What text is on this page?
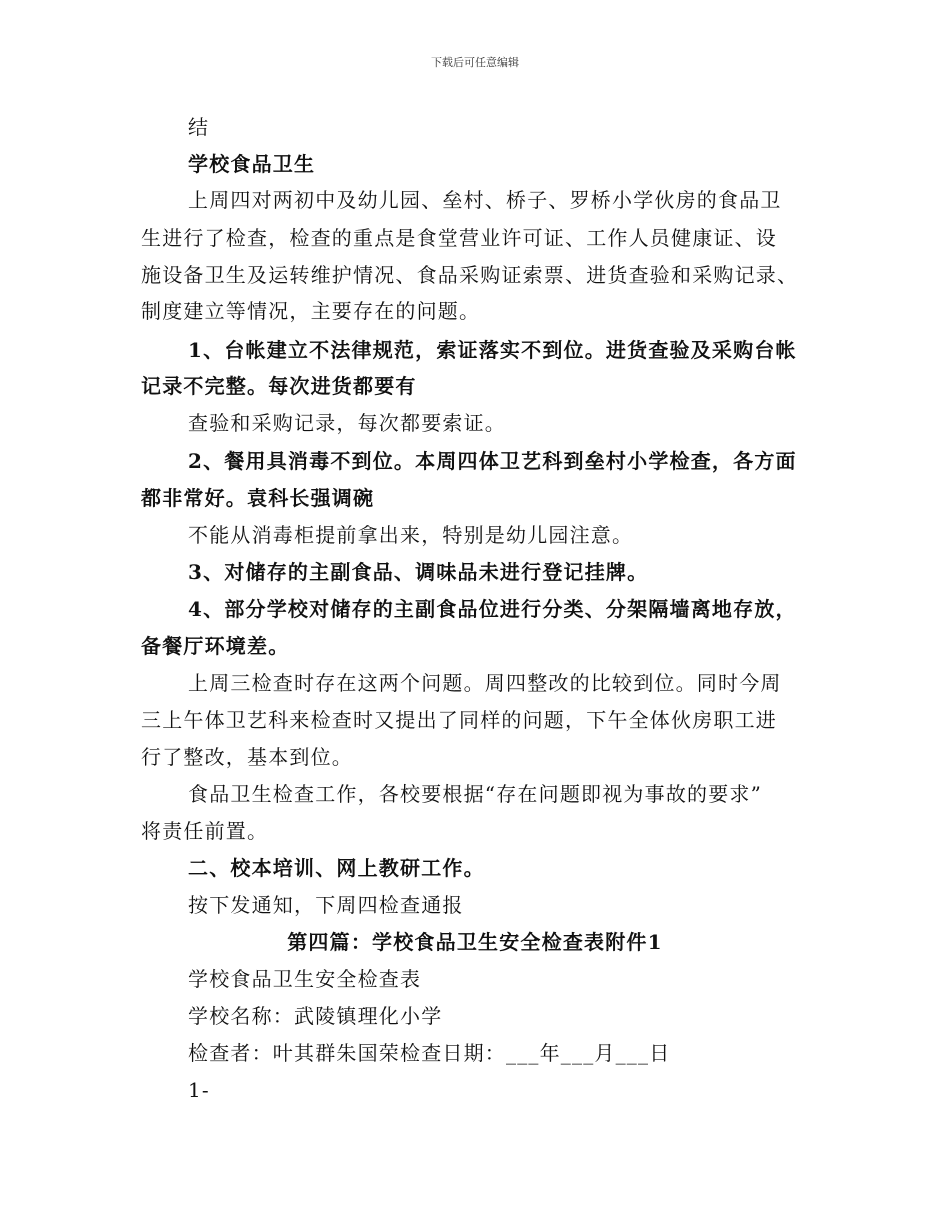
下载后可任意编辑
结
学校食品卫生
上周四对两初中及幼儿园、垒村、桥子、罗桥小学伙房的食品卫
生进行了检查，检查的重点是食堂营业许可证、工作人员健康证、设
施设备卫生及运转维护情况、食品采购证索票、进货查验和采购记录、
制度建立等情况，主要存在的问题。
1、台帐建立不法律规范，索证落实不到位。进货查验及采购台帐
记录不完整。每次进货都要有
查验和采购记录，每次都要索证。
2、餐用具消毒不到位。本周四体卫艺科到垒村小学检查，各方面
都非常好。袁科长强调碗
不能从消毒柜提前拿出来，特别是幼儿园注意。
3、对储存的主副食品、调味品未进行登记挂牌。
4、部分学校对储存的主副食品位进行分类、分架隔墙离地存放，
备餐厅环境差。
上周三检查时存在这两个问题。周四整改的比较到位。同时今周
三上午体卫艺科来检查时又提出了同样的问题，下午全体伙房职工进
行了整改，基本到位。
食品卫生检查工作，各校要根据“存在问题即视为事故的要求”
将责任前置。
二、校本培训、网上教研工作。
按下发通知，下周四检查通报
第四篇：学校食品卫生安全检查表附件1
学校食品卫生安全检查表
学校名称：武陵镇理化小学
检查者：叶其群朱国荣检查日期：___年___月___日
1-
